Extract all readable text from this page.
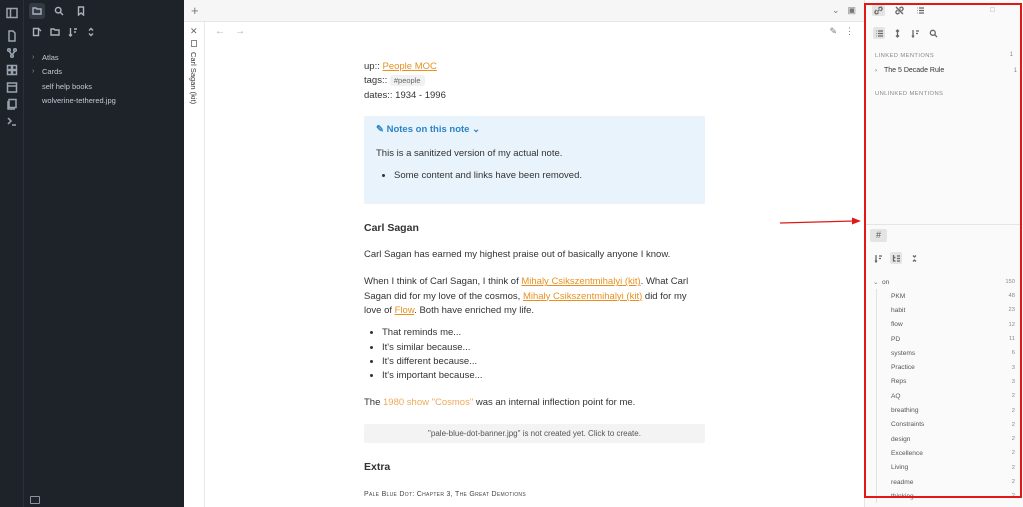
›	Atlas
›	Cards
self help books
wolverine-tethered.jpg
+	⌄ ▣
✕
Carl Sagan (kit)
← →	✎ ⋮
up:: People MOC
tags:: #people
dates:: 1934 - 1996
✎ Notes on this note ⌄
This is a sanitized version of my actual note.
• Some content and links have been removed.
Carl Sagan
Carl Sagan has earned my highest praise out of basically anyone I know.
When I think of Carl Sagan, I think of Mihaly Csikszentmihalyi (kit). What Carl Sagan did for my love of the cosmos, Mihaly Csikszentmihalyi (kit) did for my love of Flow. Both have enriched my life.
• That reminds me...
• It's similar because...
• It's different because...
• It's important because...
The 1980 show "Cosmos" was an internal inflection point for me.
"pale-blue-dot-banner.jpg" is not created yet. Click to create.
Extra
Pale Blue Dot: Chapter 3, The Great Demotions
LINKED MENTIONS	1
› The 5 Decade Rule	1
UNLINKED MENTIONS
#
⌄ on	150
PKM	48
habit	23
flow	12
PD	11
systems	6
Practice	3
Reps	3
AQ	2
breathing	2
Constraints	2
design	2
Excellence	2
Living	2
readme	2
thinking	2
